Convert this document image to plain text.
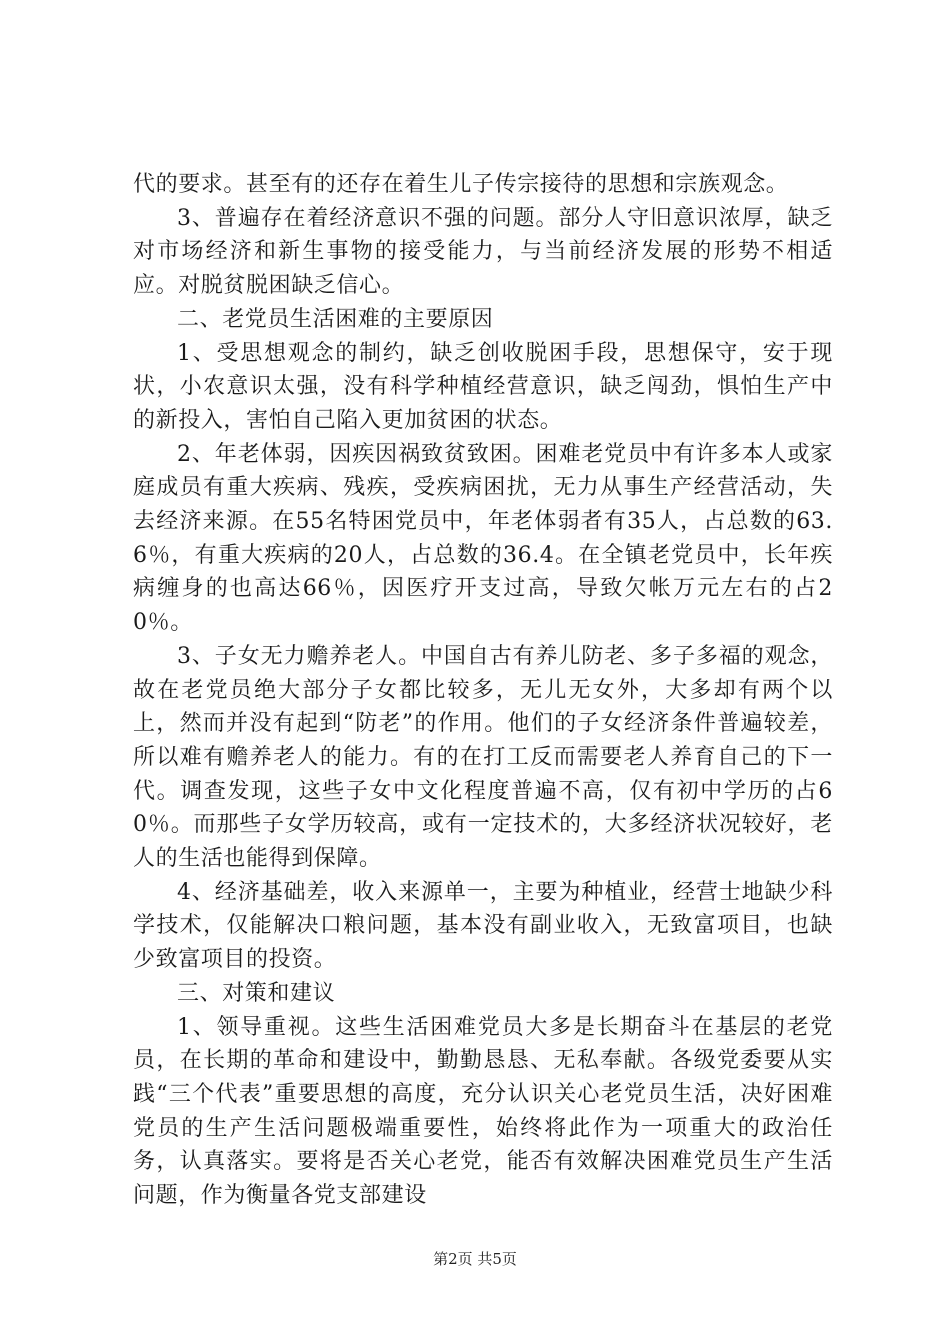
代的要求。甚至有的还存在着生儿子传宗接待的思想和宗族观念。

3、普遍存在着经济意识不强的问题。部分人守旧意识浓厚，缺乏对市场经济和新生事物的接受能力，与当前经济发展的形势不相适应。对脱贫脱困缺乏信心。

二、老党员生活困难的主要原因

1、受思想观念的制约，缺乏创收脱困手段，思想保守，安于现状，小农意识太强，没有科学种植经营意识，缺乏闯劲，惧怕生产中的新投入，害怕自己陷入更加贫困的状态。

2、年老体弱，因疾因祸致贫致困。困难老党员中有许多本人或家庭成员有重大疾病、残疾，受疾病困扰，无力从事生产经营活动，失去经济来源。在55名特困党员中，年老体弱者有35人，占总数的63.6％，有重大疾病的20人，占总数的36.4。在全镇老党员中，长年疾病缠身的也高达66％，因医疗开支过高，导致欠帐万元左右的占20％。

3、子女无力赡养老人。中国自古有养儿防老、多子多福的观念，故在老党员绝大部分子女都比较多，无儿无女外，大多却有两个以上，然而并没有起到“防老”的作用。他们的子女经济条件普遍较差，所以难有赡养老人的能力。有的在打工反而需要老人养育自己的下一代。调查发现，这些子女中文化程度普遍不高，仅有初中学历的占60％。而那些子女学历较高，或有一定技术的，大多经济状况较好，老人的生活也能得到保障。

4、经济基础差，收入来源单一，主要为种植业，经营士地缺少科学技术，仅能解决口粮问题，基本没有副业收入，无致富项目，也缺少致富项目的投资。

三、对策和建议

1、领导重视。这些生活困难党员大多是长期奋斗在基层的老党员，在长期的革命和建设中，勤勤恳恳、无私奉献。各级党委要从实践“三个代表”重要思想的高度，充分认识关心老党员生活，决好困难党员的生产生活问题极端重要性，始终将此作为一项重大的政治任务，认真落实。要将是否关心老党，能否有效解决困难党员生产生活问题，作为衡量各党支部建设

第2页 共5页
